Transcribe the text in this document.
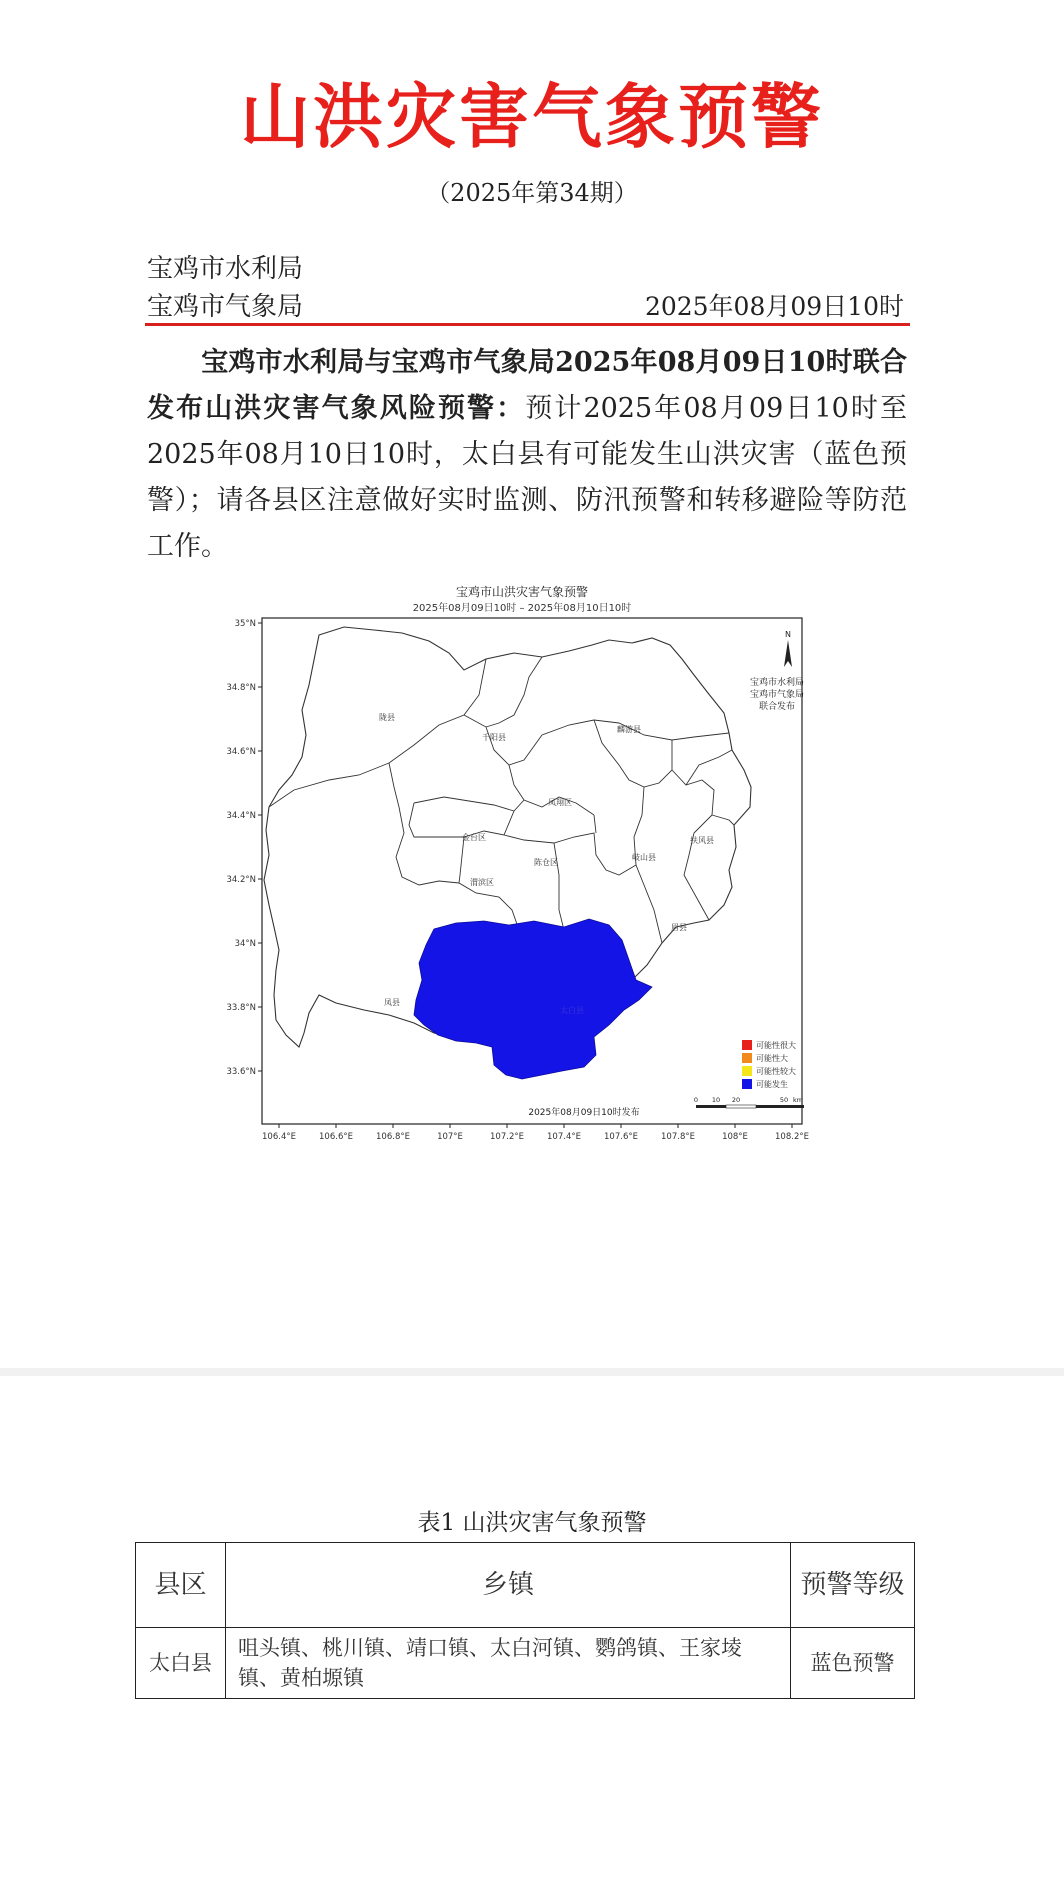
山洪灾害气象预警
（2025年第34期）
宝鸡市水利局
宝鸡市气象局	2025年08月09日10时

宝鸡市水利局与宝鸡市气象局2025年08月09日10时联合发布山洪灾害气象风险预警：预计2025年08月09日10时至2025年08月10日10时，太白县有可能发生山洪灾害（蓝色预警）；请各县区注意做好实时监测、防汛预警和转移避险等防范工作。

宝鸡市山洪灾害气象预警
2025年08月09日10时 – 2025年08月10日10时
35°N
34.8°N
34.6°N
34.4°N
34.2°N
34°N
33.8°N
33.6°N
106.4°E	106.6°E	106.8°E	107°E	107.2°E	107.4°E	107.6°E	107.8°E	108°E	108.2°E
陇县
千阳县
麟游县
凤翔区
金台区
陈仓区
渭滨区
岐山县
扶风县
眉县
凤县
太白县
N
宝鸡市水利局
宝鸡市气象局
联合发布
可能性很大
可能性大
可能性较大
可能发生
2025年08月09日10时发布
0 10 20	50 km
表1 山洪灾害气象预警
县区	乡镇	预警等级
太白县	咀头镇、桃川镇、靖口镇、太白河镇、鹦鸽镇、王家堎镇、黄柏塬镇	蓝色预警
